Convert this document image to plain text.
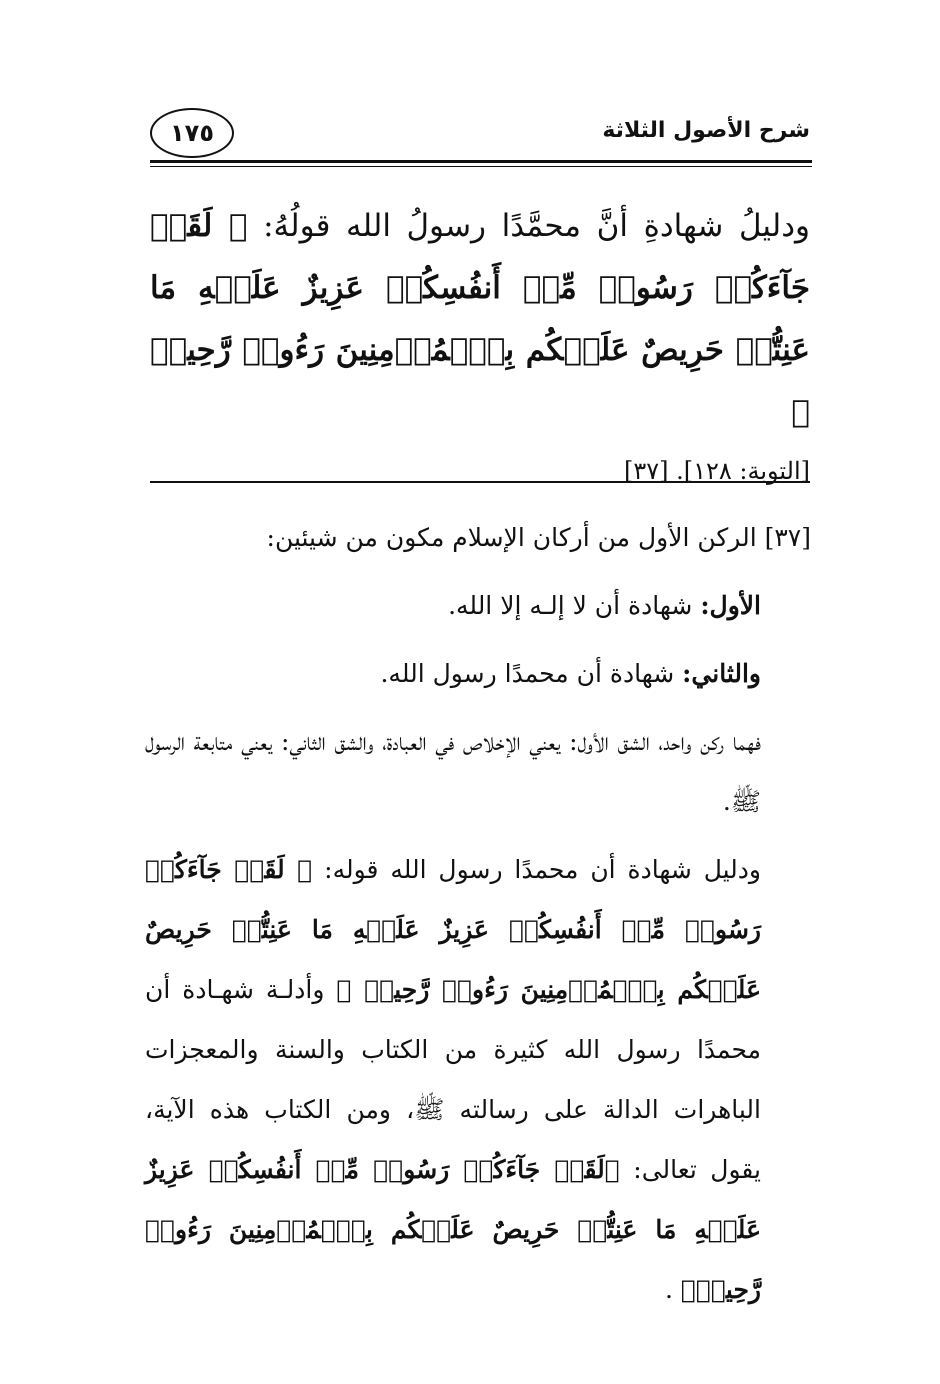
شرح الأصول الثلاثة
١٧٥
ودليلُ شهادةِ أنَّ محمَّدًا رسولُ الله قولُهُ: ﴿ لَقَدۡ جَآءَكُمۡ رَسُولٞ مِّنۡ أَنفُسِكُمۡ عَزِيزٌ عَلَيۡهِ مَا عَنِتُّمۡ حَرِيصٌ عَلَيۡكُم بِٱلۡمُؤۡمِنِينَ رَءُوفٞ رَّحِيمٞ ﴾
[التوبة: ١٢٨]. [٣٧]

[٣٧] الركن الأول من أركان الإسلام مكون من شيئين:

الأول: شهادة أن لا إلـه إلا الله.

والثاني: شهادة أن محمدًا رسول الله.

فهما ركن واحد، الشق الأول: يعني الإخلاص في العبادة، والشق الثاني: يعني متابعة الرسول ﷺ.

ودليل شهادة أن محمدًا رسول الله قوله: ﴿ لَقَدۡ جَآءَكُمۡ رَسُولٞ مِّنۡ أَنفُسِكُمۡ عَزِيزٌ عَلَيۡهِ مَا عَنِتُّمۡ حَرِيصٌ عَلَيۡكُم بِٱلۡمُؤۡمِنِينَ رَءُوفٞ رَّحِيمٞ ﴾ وأدلـة شهـادة أن محمدًا رسول الله كثيرة من الكتاب والسنة والمعجزات الباهرات الدالة على رسالته ﷺ، ومن الكتاب هذه الآية، يقول تعالى: ﴿لَقَدۡ جَآءَكُمۡ رَسُولٞ مِّنۡ أَنفُسِكُمۡ عَزِيزٌ عَلَيۡهِ مَا عَنِتُّمۡ حَرِيصٌ عَلَيۡكُم بِٱلۡمُؤۡمِنِينَ رَءُوفٞ رَّحِيمٞ﴾ .
